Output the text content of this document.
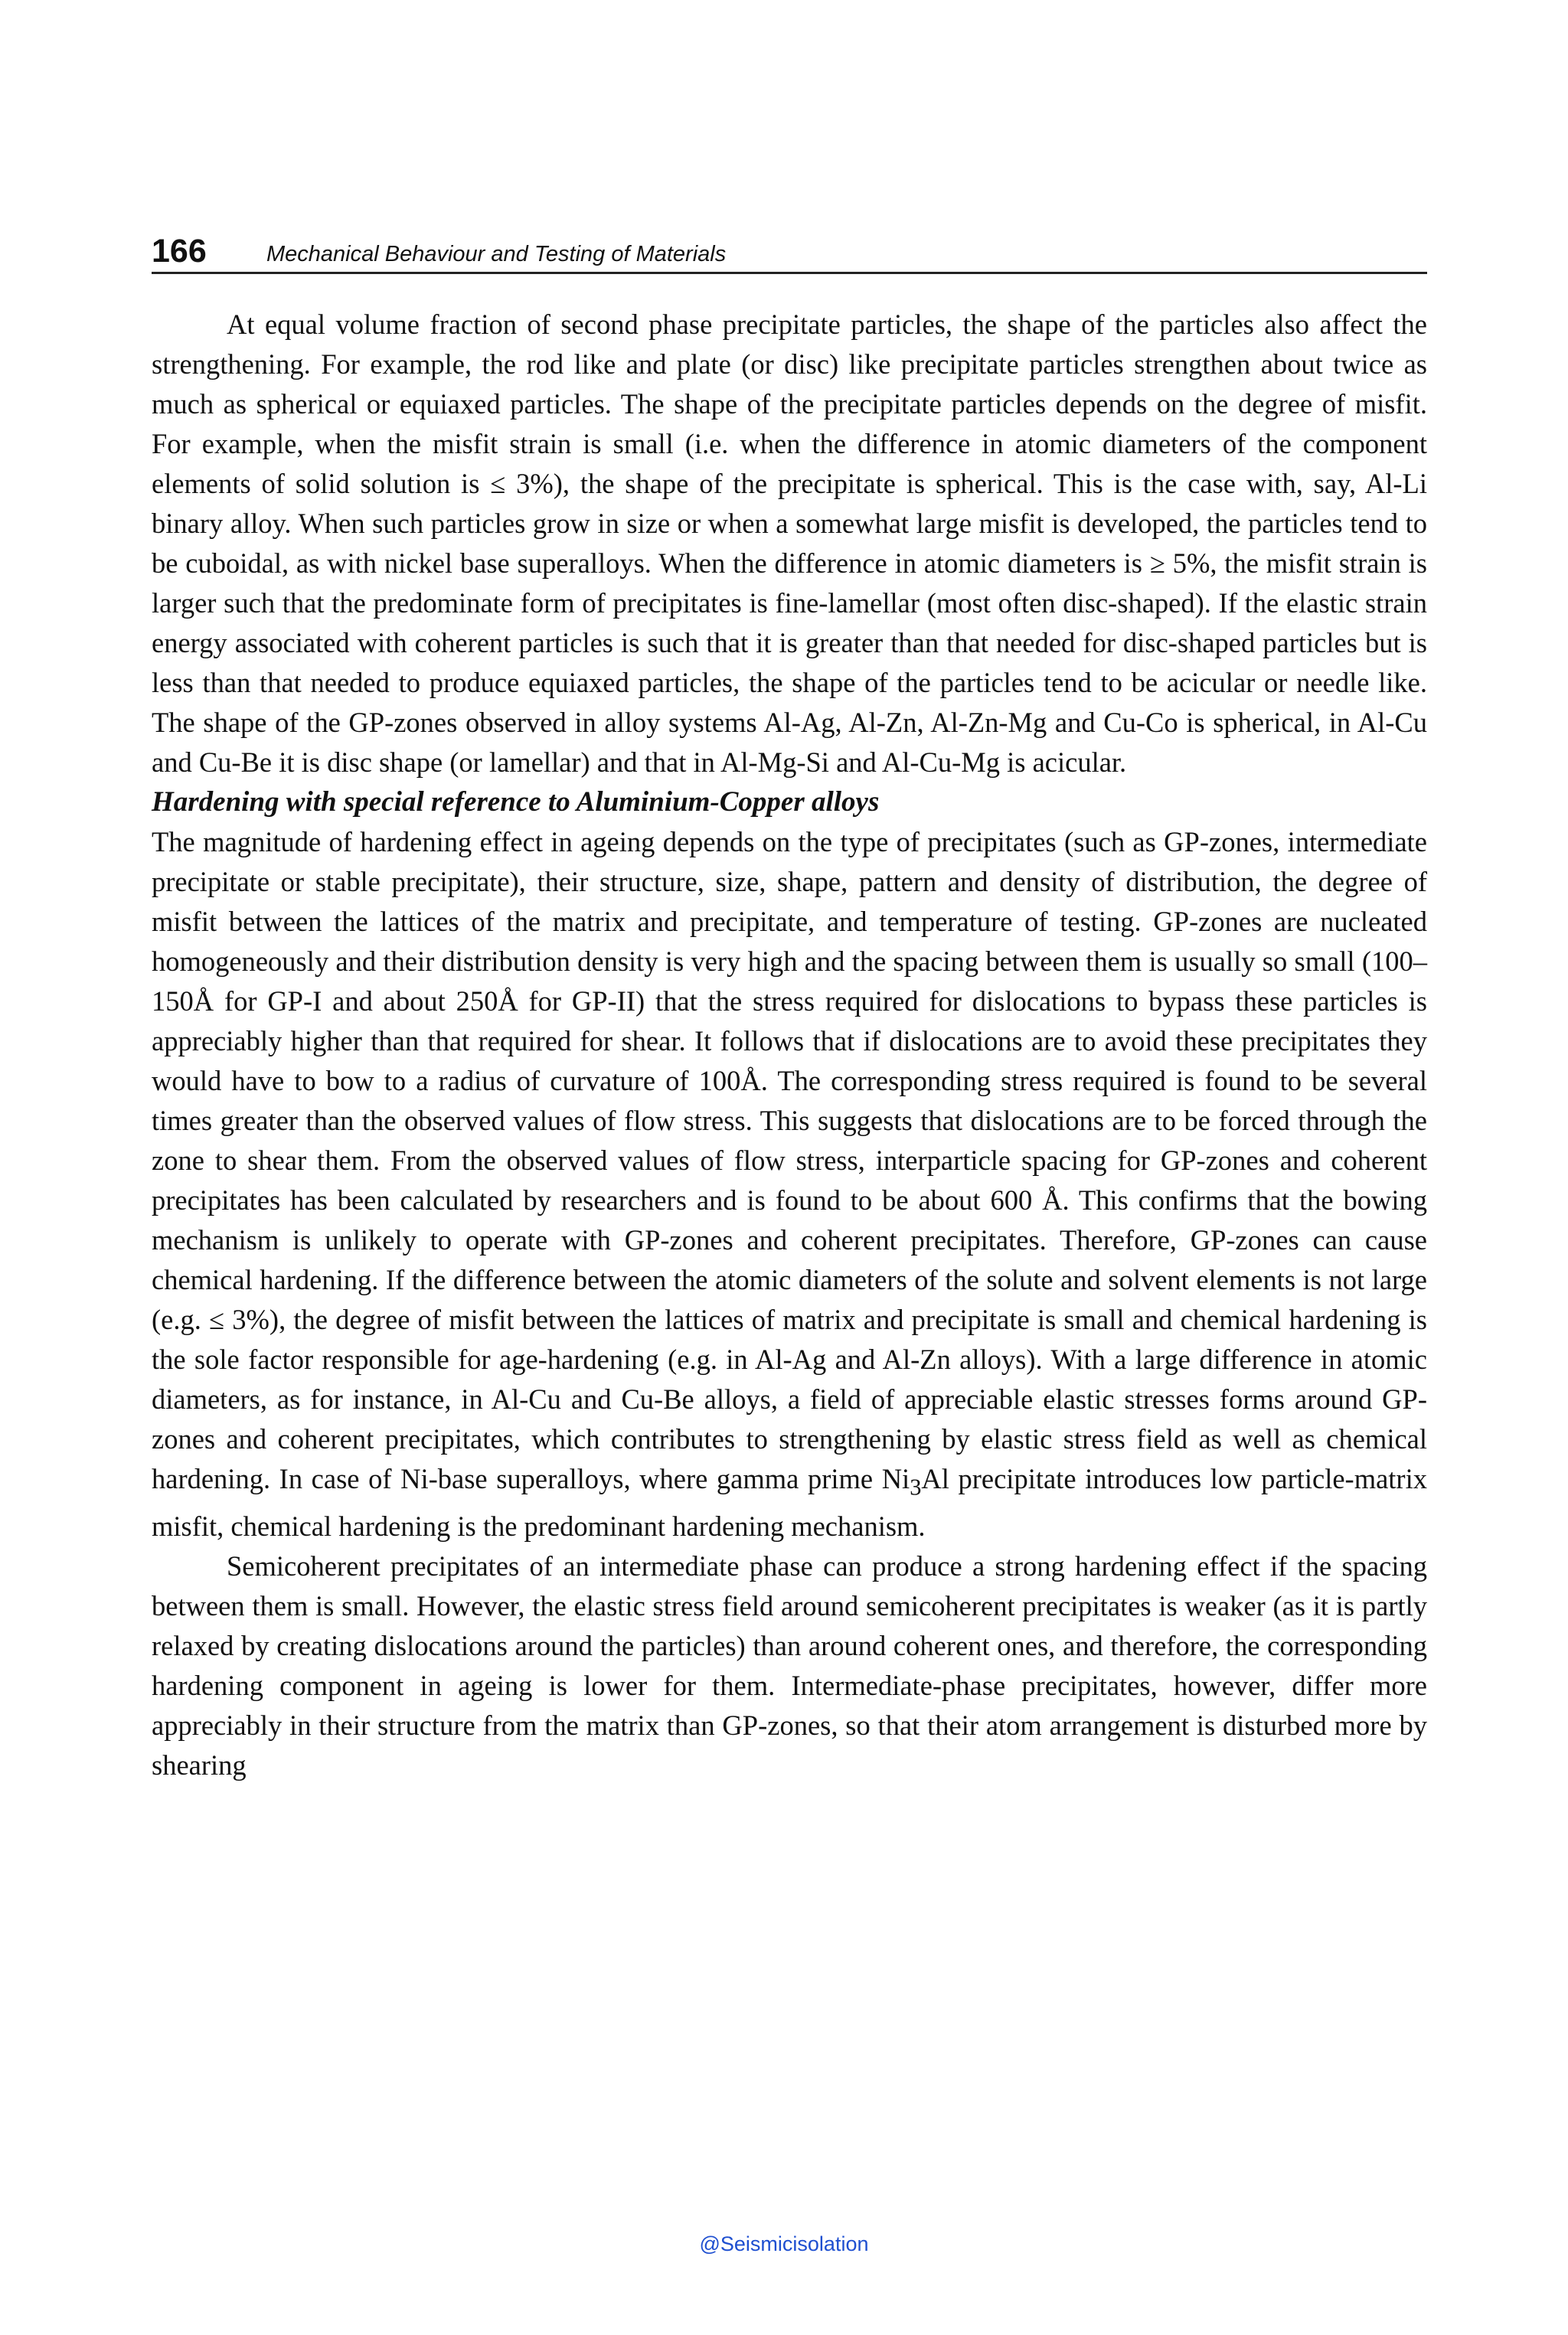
166	Mechanical Behaviour and Testing of Materials

At equal volume fraction of second phase precipitate particles, the shape of the particles also affect the strengthening. For example, the rod like and plate (or disc) like precipitate particles strengthen about twice as much as spherical or equiaxed particles. The shape of the precipitate particles depends on the degree of misfit. For example, when the misfit strain is small (i.e. when the difference in atomic diameters of the component elements of solid solution is ≤ 3%), the shape of the precipitate is spherical. This is the case with, say, Al-Li binary alloy. When such particles grow in size or when a somewhat large misfit is developed, the particles tend to be cuboidal, as with nickel base superalloys. When the difference in atomic diameters is ≥ 5%, the misfit strain is larger such that the predominate form of precipitates is fine-lamellar (most often disc-shaped). If the elastic strain energy associated with coherent particles is such that it is greater than that needed for disc-shaped particles but is less than that needed to produce equiaxed particles, the shape of the particles tend to be acicular or needle like. The shape of the GP-zones observed in alloy systems Al-Ag, Al-Zn, Al-Zn-Mg and Cu-Co is spherical, in Al-Cu and Cu-Be it is disc shape (or lamellar) and that in Al-Mg-Si and Al-Cu-Mg is acicular.

Hardening with special reference to Aluminium-Copper alloys

The magnitude of hardening effect in ageing depends on the type of precipitates (such as GP-zones, intermediate precipitate or stable precipitate), their structure, size, shape, pattern and density of distribution, the degree of misfit between the lattices of the matrix and precipitate, and temperature of testing. GP-zones are nucleated homogeneously and their distribution density is very high and the spacing between them is usually so small (100–150Å for GP-I and about 250Å for GP-II) that the stress required for dislocations to bypass these particles is appreciably higher than that required for shear. It follows that if dislocations are to avoid these precipitates they would have to bow to a radius of curvature of 100Å. The corresponding stress required is found to be several times greater than the observed values of flow stress. This suggests that dislocations are to be forced through the zone to shear them. From the observed values of flow stress, interparticle spacing for GP-zones and coherent precipitates has been calculated by researchers and is found to be about 600 Å. This confirms that the bowing mechanism is unlikely to operate with GP-zones and coherent precipitates. Therefore, GP-zones can cause chemical hardening. If the difference between the atomic diameters of the solute and solvent elements is not large (e.g. ≤ 3%), the degree of misfit between the lattices of matrix and precipitate is small and chemical hardening is the sole factor responsible for age-hardening (e.g. in Al-Ag and Al-Zn alloys). With a large difference in atomic diameters, as for instance, in Al-Cu and Cu-Be alloys, a field of appreciable elastic stresses forms around GP-zones and coherent precipitates, which contributes to strengthening by elastic stress field as well as chemical hardening. In case of Ni-base superalloys, where gamma prime $Ni_3Al$ precipitate introduces low particle-matrix misfit, chemical hardening is the predominant hardening mechanism.

Semicoherent precipitates of an intermediate phase can produce a strong hardening effect if the spacing between them is small. However, the elastic stress field around semicoherent precipitates is weaker (as it is partly relaxed by creating dislocations around the particles) than around coherent ones, and therefore, the corresponding hardening component in ageing is lower for them. Intermediate-phase precipitates, however, differ more appreciably in their structure from the matrix than GP-zones, so that their atom arrangement is disturbed more by shearing

@Seismicisolation
